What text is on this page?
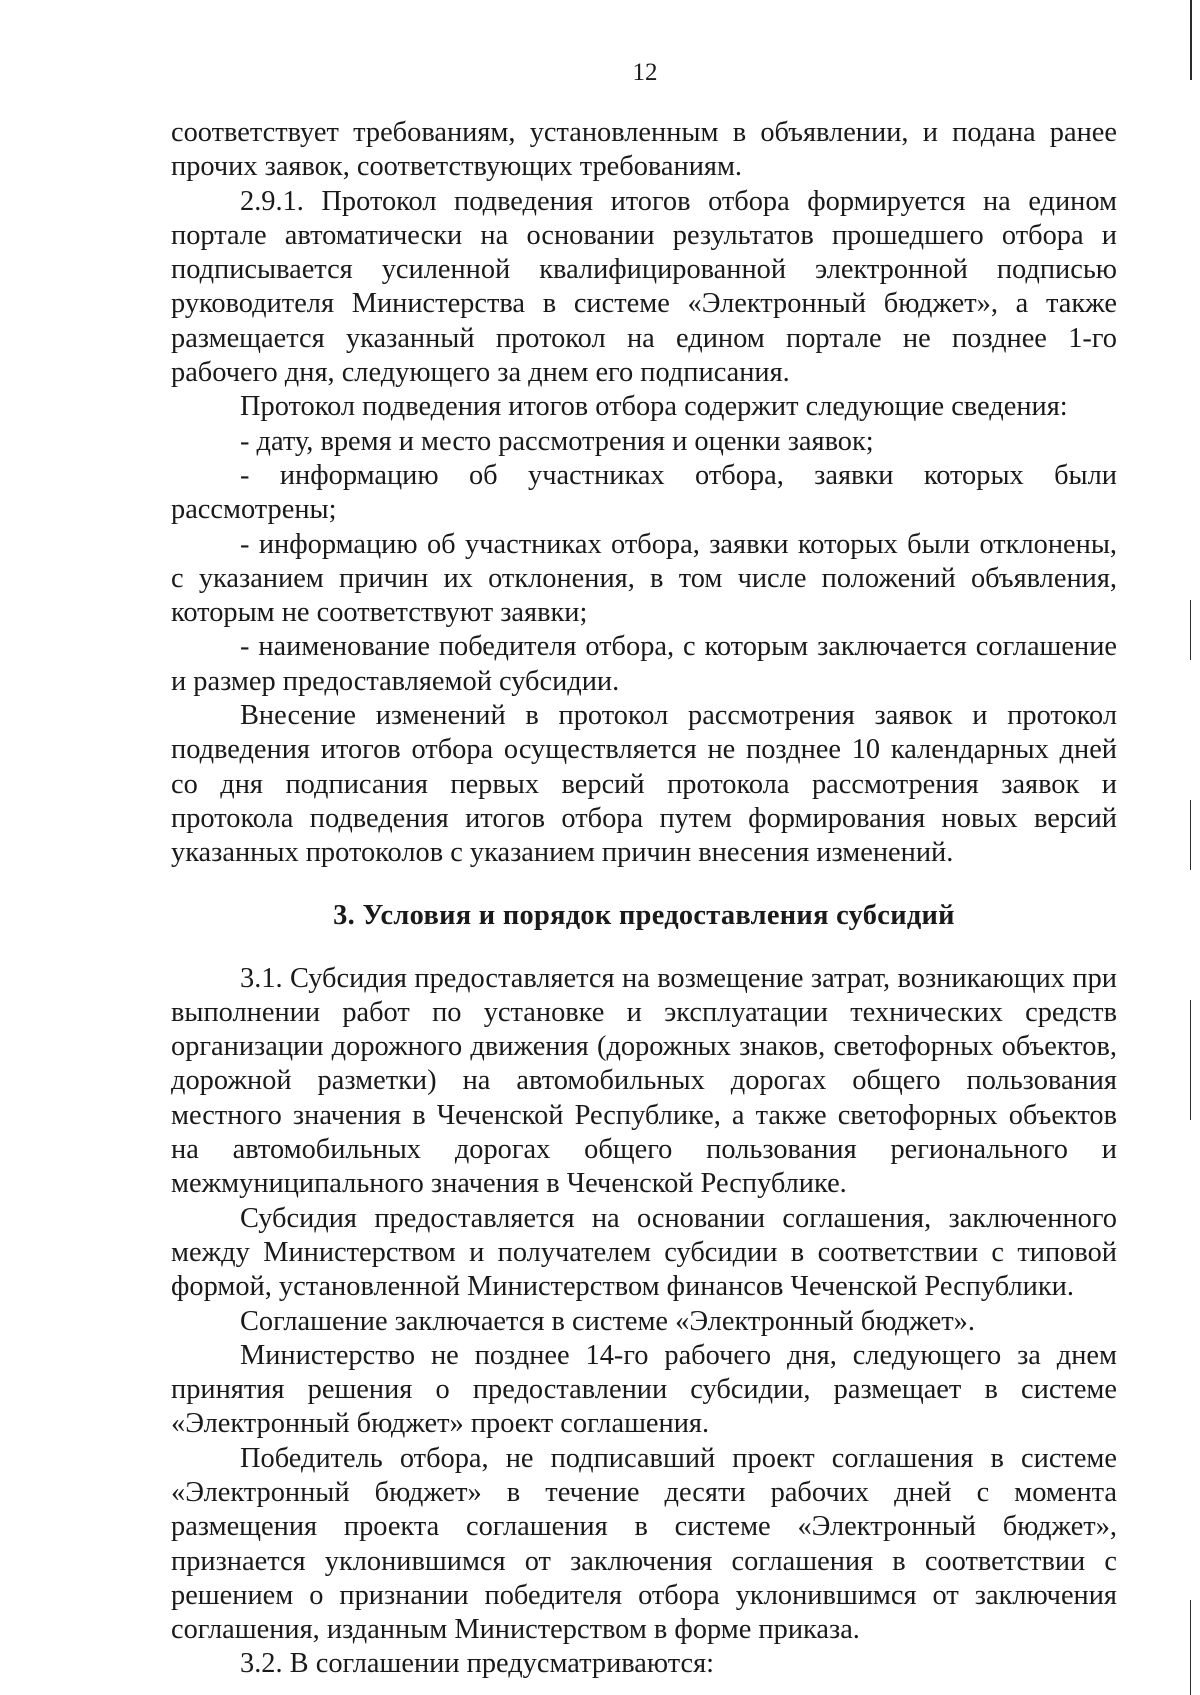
12

соответствует требованиям, установленным в объявлении, и подана ранее прочих заявок, соответствующих требованиям.

2.9.1. Протокол подведения итогов отбора формируется на едином портале автоматически на основании результатов прошедшего отбора и подписывается усиленной квалифицированной электронной подписью руководителя Министерства в системе «Электронный бюджет», а также размещается указанный протокол на едином портале не позднее 1-го рабочего дня, следующего за днем его подписания.

Протокол подведения итогов отбора содержит следующие сведения:

- дату, время и место рассмотрения и оценки заявок;

- информацию об участниках отбора, заявки которых были рассмотрены;

- информацию об участниках отбора, заявки которых были отклонены, с указанием причин их отклонения, в том числе положений объявления, которым не соответствуют заявки;

- наименование победителя отбора, с которым заключается соглашение и размер предоставляемой субсидии.

Внесение изменений в протокол рассмотрения заявок и протокол подведения итогов отбора осуществляется не позднее 10 календарных дней со дня подписания первых версий протокола рассмотрения заявок и протокола подведения итогов отбора путем формирования новых версий указанных протоколов с указанием причин внесения изменений.

3. Условия и порядок предоставления субсидий

3.1. Субсидия предоставляется на возмещение затрат, возникающих при выполнении работ по установке и эксплуатации технических средств организации дорожного движения (дорожных знаков, светофорных объектов, дорожной разметки) на автомобильных дорогах общего пользования местного значения в Чеченской Республике, а также светофорных объектов на автомобильных дорогах общего пользования регионального и межмуниципального значения в Чеченской Республике.

Субсидия предоставляется на основании соглашения, заключенного между Министерством и получателем субсидии в соответствии с типовой формой, установленной Министерством финансов Чеченской Республики.

Соглашение заключается в системе «Электронный бюджет».

Министерство не позднее 14-го рабочего дня, следующего за днем принятия решения о предоставлении субсидии, размещает в системе «Электронный бюджет» проект соглашения.

Победитель отбора, не подписавший проект соглашения в системе «Электронный бюджет» в течение десяти рабочих дней с момента размещения проекта соглашения в системе «Электронный бюджет», признается уклонившимся от заключения соглашения в соответствии с решением о признании победителя отбора уклонившимся от заключения соглашения, изданным Министерством в форме приказа.

3.2. В соглашении предусматриваются:
